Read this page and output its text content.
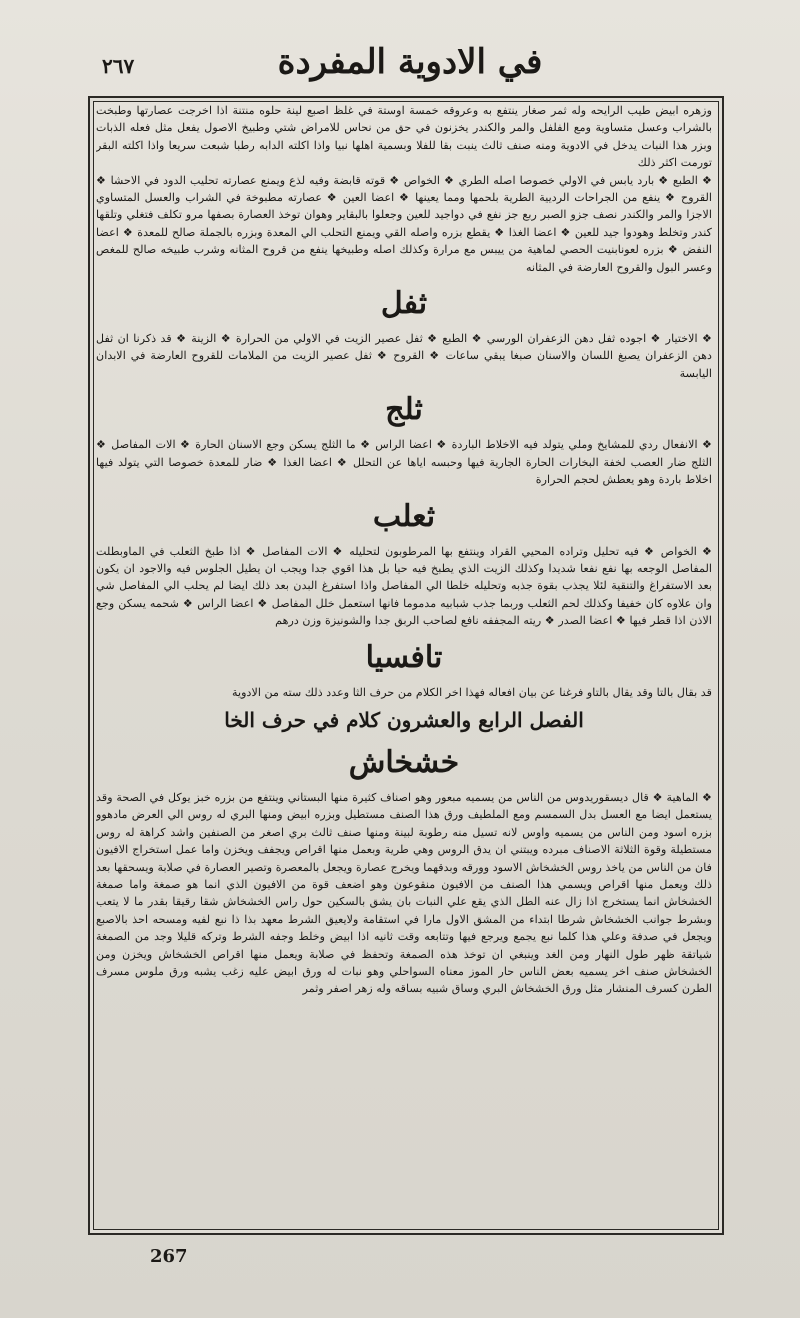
٢٦٧	في الادوية المفردة

وزهره ابيض طيب الرايحه وله ثمر صغار ينتفع به وعروقه خمسة اوستة في غلظ اصبع لينة حلوه منتنة اذا اخرجت عصارتها وطبخت بالشراب وعسل متساوية ومع الفلفل والمر والكندر يخزنون في حق من نحاس للامراض شتي وطبيخ الاصول يفعل مثل فعله الذبات وبزر هذا النبات يدخل في الادوية ومنه صنف ثالث ينبت بقا للفلا وبسمية اهلها نبيا واذا اكلته الدابه رطبا شبعت سريعا واذا اكلته البقر تورمت اكثر ذلك

❖ الطبع ❖ بارد يابس في الاولي خصوصا اصله الطري ❖ الخواص ❖ قوته قابضة وفيه لذع ويمنع عصارته تحليب الدود في الاحشا ❖ القروح ❖ ينفع من الجراحات الرديية الطرية بلحمها ومما يعينها ❖ اعضا العين ❖ عصارته مطبوخة في الشراب والعسل المتساوي الاجزا والمر والكندر نصف جزو الصبر ربع جز نفع في دواجيد للعين وجعلوا بالبقاير وهوان توخذ العصارة بصفها مرو تكلف فتغلي وتلقها كندر وتخلط وهودوا جيد للعين ❖ اعضا الغذا ❖ يقطع بزره واصله القي ويمنع التحلب الي المعدة وبزره بالجملة صالح للمعدة ❖ اعضا النفض ❖ بزره لعونابنيت الحصي لماهية من ييبس مع مرارة وكذلك اصله وطبيخها ينفع من قروح المثانه وشرب طبيخه صالح للمغص وعسر البول والقروح العارضة في المثانه

ثفل

❖ الاختيار ❖ اجوده ثفل دهن الزعفران الورسي ❖ الطبع ❖ ثفل عصير الزيت في الاولي من الحرارة ❖ الزينة ❖ قد ذكرنا ان ثفل دهن الزعفران يصبغ اللسان والاسنان صبغا يبقي ساعات ❖ القروح ❖ ثفل عصير الزيت من الملامات للقروح العارضة في الابدان اليابسة

ثلج

❖ الانفعال ردي للمشايخ وملي يتولد فيه الاخلاط الباردة ❖ اعضا الراس ❖ ما الثلج يسكن وجع الاسنان الحارة ❖ الات المفاصل ❖ الثلج ضار العصب لخفة البخارات الحارة الجارية فيها وحبسه اياها عن التحلل ❖ اعضا الغذا ❖ ضار للمعدة خصوصا التي يتولد فيها اخلاط باردة وهو يعطش لحجم الحرارة

ثعلب

❖ الخواص ❖ فيه تحليل وتراده المحيي القراد وينتفع بها المرطوبون لتحليله ❖ الات المفاصل ❖ اذا طبخ الثعلب في الماوبطلت المفاصل الوجعه بها نفع نفعا شديدا وكذلك الزيت الذي يطبخ فيه حيا بل هذا اقوي جدا ويجب ان يطيل الجلوس فيه والاجود ان يكون بعد الاستفراغ والتنقية لئلا يجذب بقوة جذبه وتحليله خلطا الي المفاصل واذا استفرغ البدن بعد ذلك ايضا لم يحلب الي المفاصل شي وان علاوه كان خفيفا وكذلك لحم الثعلب وربما جذب شبابيه مدموما فانها استعمل خلل المفاصل ❖ اعضا الراس ❖ شحمه يسكن وجع الاذن اذا قطر فيها ❖ اعضا الصدر ❖ ريته المجففه نافع لصاحب الربق جدا والشونيزة وزن درهم

تافسيا

قد بقال بالتا وقد يقال بالتاو فرغنا عن بيان افعاله فهذا اخر الكلام من حرف الثا وعدد ذلك سته من الادوية

الفصل الرابع والعشرون كلام في حرف الخا
خشخاش

❖ الماهية ❖ قال ديسقوريدوس من الناس من يسميه مبعور وهو اصناف كثيرة منها البستاني وينتفع من بزره خبز يوكل في الصحة وقد يستعمل ايضا مع العسل بدل السمسم ومع الملطيف ورق هذا الصنف مستطيل وبزره ابيض ومنها البري له روس الي العرض مادهوو بزره اسود ومن الناس من يسميه واوس لانه تسيل منه رطوبة لبينة ومنها صنف ثالث بري اصغر من الصنفين واشد كراهة له روس مستطيلة وقوة الثلاثة الاصناف مبرده ويبتني ان يدق الروس وهي طرية وبعمل منها اقراص ويجفف ويخزن واما عمل استخراج الافيون فان من الناس من ياخذ روس الخشخاش الاسود وورقه وبدقهما ويخرج عصارة ويجعل بالمعصرة وتصير العصارة في صلابة ويسحقها بعد ذلك ويعمل منها اقراص ويسمي هذا الصنف من الافيون منقوعون وهو اضعف قوة من الافيون الذي انما هو صمغة واما صمغة الخشخاش انما يستخرج اذا زال عنه الطل الذي يقع علي النبات بان يشق بالسكين حول راس الخشخاش شقا رقيقا بقدر ما لا يتعب وبشرط جوانب الخشخاش شرطا ابتداء من المشق الاول مارا في استقامة ولايعيق الشرط معهد بذا ذا نبع لفيه ومسحه احذ بالاصبع ويجعل في صدفة وعلي هذا كلما نبع يجمع ويرجع فيها وتتابعه وقت ثانيه اذا ابيض وخلط وجفه الشرط وتركه قليلا وجد من الصمغة شياتقة ظهر طول النهار ومن الغد وينبغي ان توخذ هذه الصمغة وتحفظ في صلابة ويعمل منها اقراص الخشخاش ويخزن ومن الخشخاش صنف اخر يسميه بعض الناس حار الموز معناه السواحلي وهو نبات له ورق ابيض عليه زغب يشبه ورق ملوس مسرف الطرن كسرف المنشار مثل ورق الخشخاش البري وساق شبيه بساقه وله زهر اصفر وثمر

267
